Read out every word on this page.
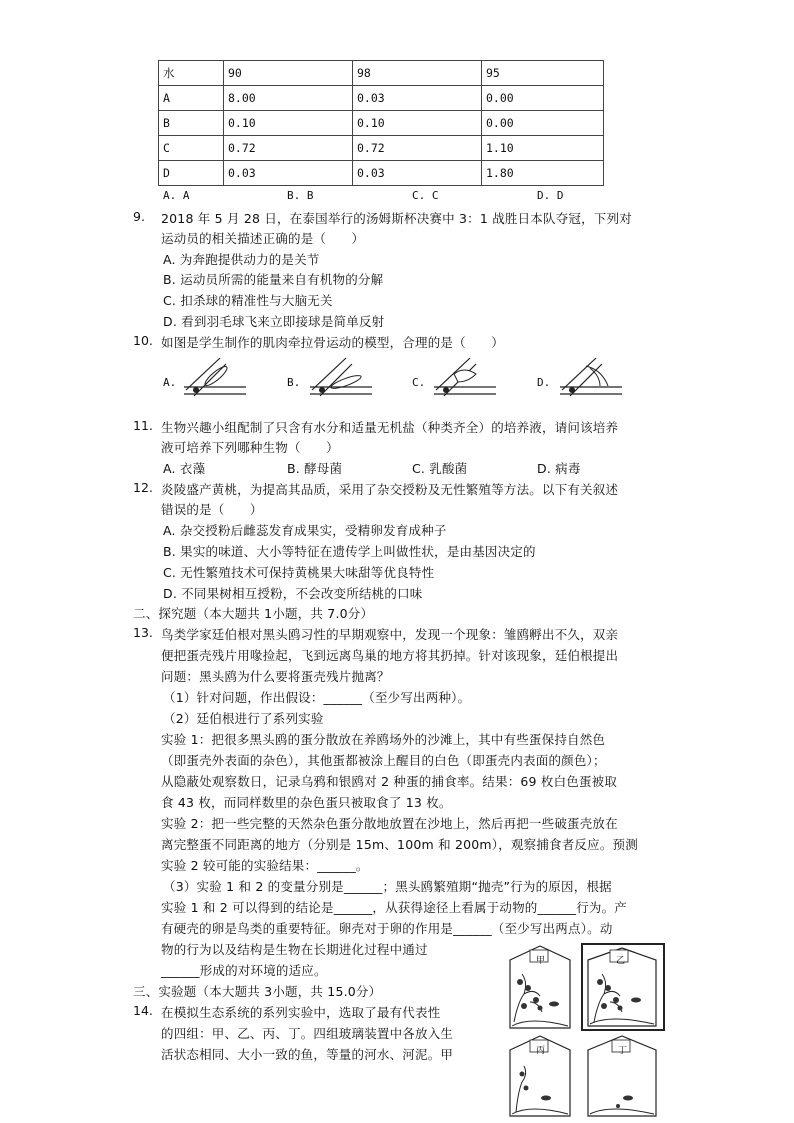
水	90	98	95
A	8.00	0.03	0.00
B	0.10	0.10	0.00
C	0.72	0.72	1.10
D	0.03	0.03	1.80
A. A	B. B	C. C	D. D
9. 2018 年 5 月 28 日，在泰国举行的汤姆斯杯决赛中 3：1 战胜日本队夺冠，下列对
运动员的相关描述正确的是（　　）
A. 为奔跑提供动力的是关节
B. 运动员所需的能量来自有机物的分解
C. 扣杀球的精准性与大脑无关
D. 看到羽毛球飞来立即接球是简单反射
10. 如图是学生制作的肌肉牵拉骨运动的模型，合理的是（　　）
A.	B.	C.	D.
11. 生物兴趣小组配制了只含有水分和适量无机盐（种类齐全）的培养液，请问该培养
液可培养下列哪种生物（　　）
A. 衣藻	B. 酵母菌	C. 乳酸菌	D. 病毒
12. 炎陵盛产黄桃，为提高其品质，采用了杂交授粉及无性繁殖等方法。以下有关叙述
错误的是（　　）
A. 杂交授粉后雌蕊发育成果实，受精卵发育成种子
B. 果实的味道、大小等特征在遗传学上叫做性状，是由基因决定的
C. 无性繁殖技术可保持黄桃果大味甜等优良特性
D. 不同果树相互授粉，不会改变所结桃的口味
二、探究题（本大题共 1小题，共 7.0分）
13. 鸟类学家廷伯根对黑头鸥习性的早期观察中，发现一个现象：雏鸥孵出不久，双亲
便把蛋壳残片用喙捡起，飞到远离鸟巢的地方将其扔掉。针对该现象，廷伯根提出
问题：黑头鸥为什么要将蛋壳残片抛离？
（1）针对问题，作出假设：______（至少写出两种）。
（2）廷伯根进行了系列实验
实验 1：把很多黑头鸥的蛋分散放在养鸥场外的沙滩上，其中有些蛋保持自然色
（即蛋壳外表面的杂色），其他蛋都被涂上醒目的白色（即蛋壳内表面的颜色）；
从隐蔽处观察数日，记录乌鸦和银鸥对 2 种蛋的捕食率。结果：69 枚白色蛋被取
食 43 枚，而同样数里的杂色蛋只被取食了 13 枚。
实验 2：把一些完整的天然杂色蛋分散地放置在沙地上，然后再把一些破蛋壳放在
离完整蛋不同距离的地方（分别是 15m、100m 和 200m），观察捕食者反应。预测
实验 2 较可能的实验结果：______。
（3）实验 1 和 2 的变量分别是______；黑头鸥繁殖期“抛壳”行为的原因，根据
实验 1 和 2 可以得到的结论是______，从获得途径上看属于动物的______行为。产
有硬壳的卵是鸟类的重要特征。卵壳对于卵的作用是______（至少写出两点）。动
物的行为以及结构是生物在长期进化过程中通过
______形成的对环境的适应。
三、实验题（本大题共 3小题，共 15.0分）
14. 在模拟生态系统的系列实验中，选取了最有代表性
的四组：甲、乙、丙、丁。四组玻璃装置中各放入生
活状态相同、大小一致的鱼，等量的河水、河泥。甲
甲	乙
丙	丁
